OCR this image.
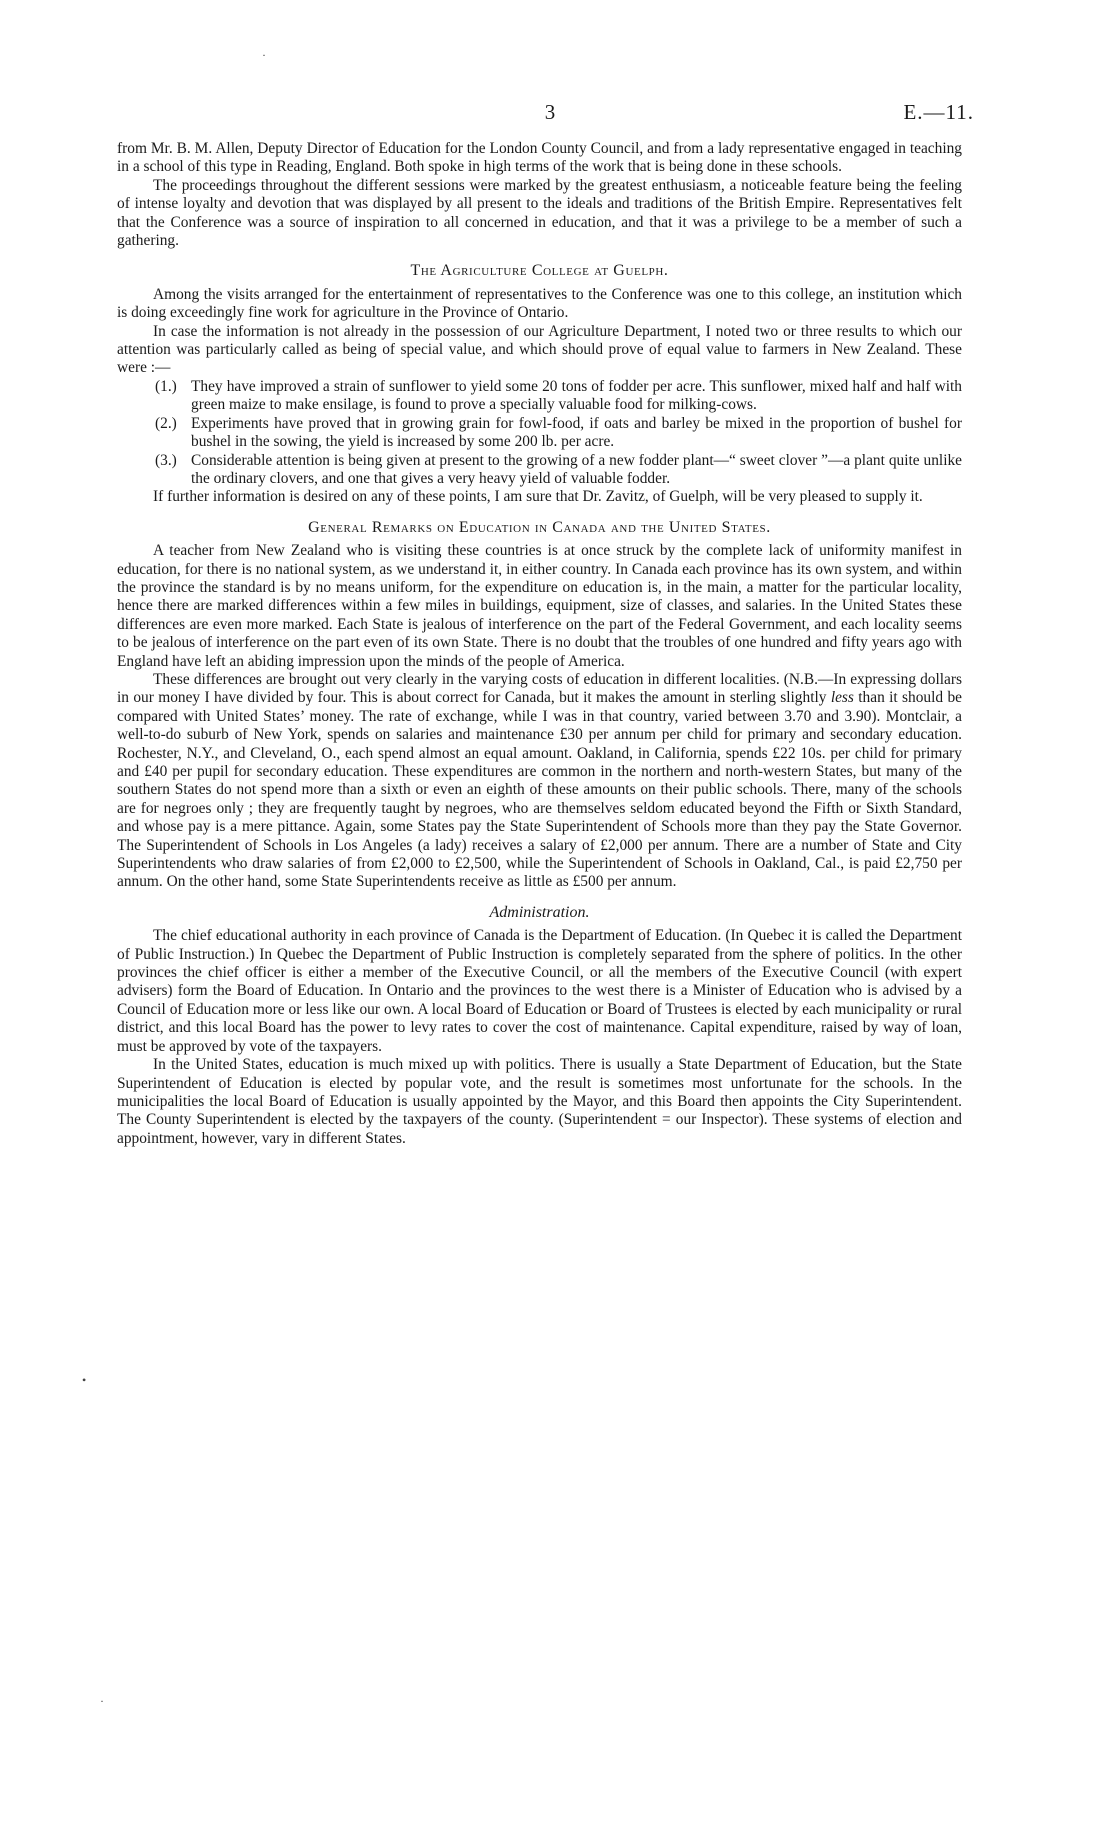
·
•
·
3	E.—11.

from Mr. B. M. Allen, Deputy Director of Education for the London County Council, and from a lady representative engaged in teaching in a school of this type in Reading, England. Both spoke in high terms of the work that is being done in these schools.

The proceedings throughout the different sessions were marked by the greatest enthusiasm, a noticeable feature being the feeling of intense loyalty and devotion that was displayed by all present to the ideals and traditions of the British Empire. Representatives felt that the Conference was a source of inspiration to all concerned in education, and that it was a privilege to be a member of such a gathering.

The Agriculture College at Guelph.

Among the visits arranged for the entertainment of representatives to the Conference was one to this college, an institution which is doing exceedingly fine work for agriculture in the Province of Ontario.

In case the information is not already in the possession of our Agriculture Department, I noted two or three results to which our attention was particularly called as being of special value, and which should prove of equal value to farmers in New Zealand. These were :—

(1.) They have improved a strain of sunflower to yield some 20 tons of fodder per acre. This sunflower, mixed half and half with green maize to make ensilage, is found to prove a specially valuable food for milking-cows.
(2.) Experiments have proved that in growing grain for fowl-food, if oats and barley be mixed in the proportion of bushel for bushel in the sowing, the yield is increased by some 200 lb. per acre.
(3.) Considerable attention is being given at present to the growing of a new fodder plant—“ sweet clover ”—a plant quite unlike the ordinary clovers, and one that gives a very heavy yield of valuable fodder.

If further information is desired on any of these points, I am sure that Dr. Zavitz, of Guelph, will be very pleased to supply it.

General Remarks on Education in Canada and the United States.

A teacher from New Zealand who is visiting these countries is at once struck by the complete lack of uniformity manifest in education, for there is no national system, as we understand it, in either country. In Canada each province has its own system, and within the province the standard is by no means uniform, for the expenditure on education is, in the main, a matter for the particular locality, hence there are marked differences within a few miles in buildings, equipment, size of classes, and salaries. In the United States these differences are even more marked. Each State is jealous of interference on the part of the Federal Government, and each locality seems to be jealous of interference on the part even of its own State. There is no doubt that the troubles of one hundred and fifty years ago with England have left an abiding impression upon the minds of the people of America.

These differences are brought out very clearly in the varying costs of education in different localities. (N.B.—In expressing dollars in our money I have divided by four. This is about correct for Canada, but it makes the amount in sterling slightly less than it should be compared with United States’ money. The rate of exchange, while I was in that country, varied between 3.70 and 3.90). Montclair, a well-to-do suburb of New York, spends on salaries and maintenance £30 per annum per child for primary and secondary education. Rochester, N.Y., and Cleveland, O., each spend almost an equal amount. Oakland, in California, spends £22 10s. per child for primary and £40 per pupil for secondary education. These expenditures are common in the northern and north-western States, but many of the southern States do not spend more than a sixth or even an eighth of these amounts on their public schools. There, many of the schools are for negroes only ; they are frequently taught by negroes, who are themselves seldom educated beyond the Fifth or Sixth Standard, and whose pay is a mere pittance. Again, some States pay the State Superintendent of Schools more than they pay the State Governor. The Superintendent of Schools in Los Angeles (a lady) receives a salary of £2,000 per annum. There are a number of State and City Superintendents who draw salaries of from £2,000 to £2,500, while the Superintendent of Schools in Oakland, Cal., is paid £2,750 per annum. On the other hand, some State Superintendents receive as little as £500 per annum.

Administration.

The chief educational authority in each province of Canada is the Department of Education. (In Quebec it is called the Department of Public Instruction.) In Quebec the Department of Public Instruction is completely separated from the sphere of politics. In the other provinces the chief officer is either a member of the Executive Council, or all the members of the Executive Council (with expert advisers) form the Board of Education. In Ontario and the provinces to the west there is a Minister of Education who is advised by a Council of Education more or less like our own. A local Board of Education or Board of Trustees is elected by each municipality or rural district, and this local Board has the power to levy rates to cover the cost of maintenance. Capital expenditure, raised by way of loan, must be approved by vote of the taxpayers.

In the United States, education is much mixed up with politics. There is usually a State Department of Education, but the State Superintendent of Education is elected by popular vote, and the result is sometimes most unfortunate for the schools. In the municipalities the local Board of Education is usually appointed by the Mayor, and this Board then appoints the City Superintendent. The County Superintendent is elected by the taxpayers of the county. (Superintendent = our Inspector). These systems of election and appointment, however, vary in different States.
